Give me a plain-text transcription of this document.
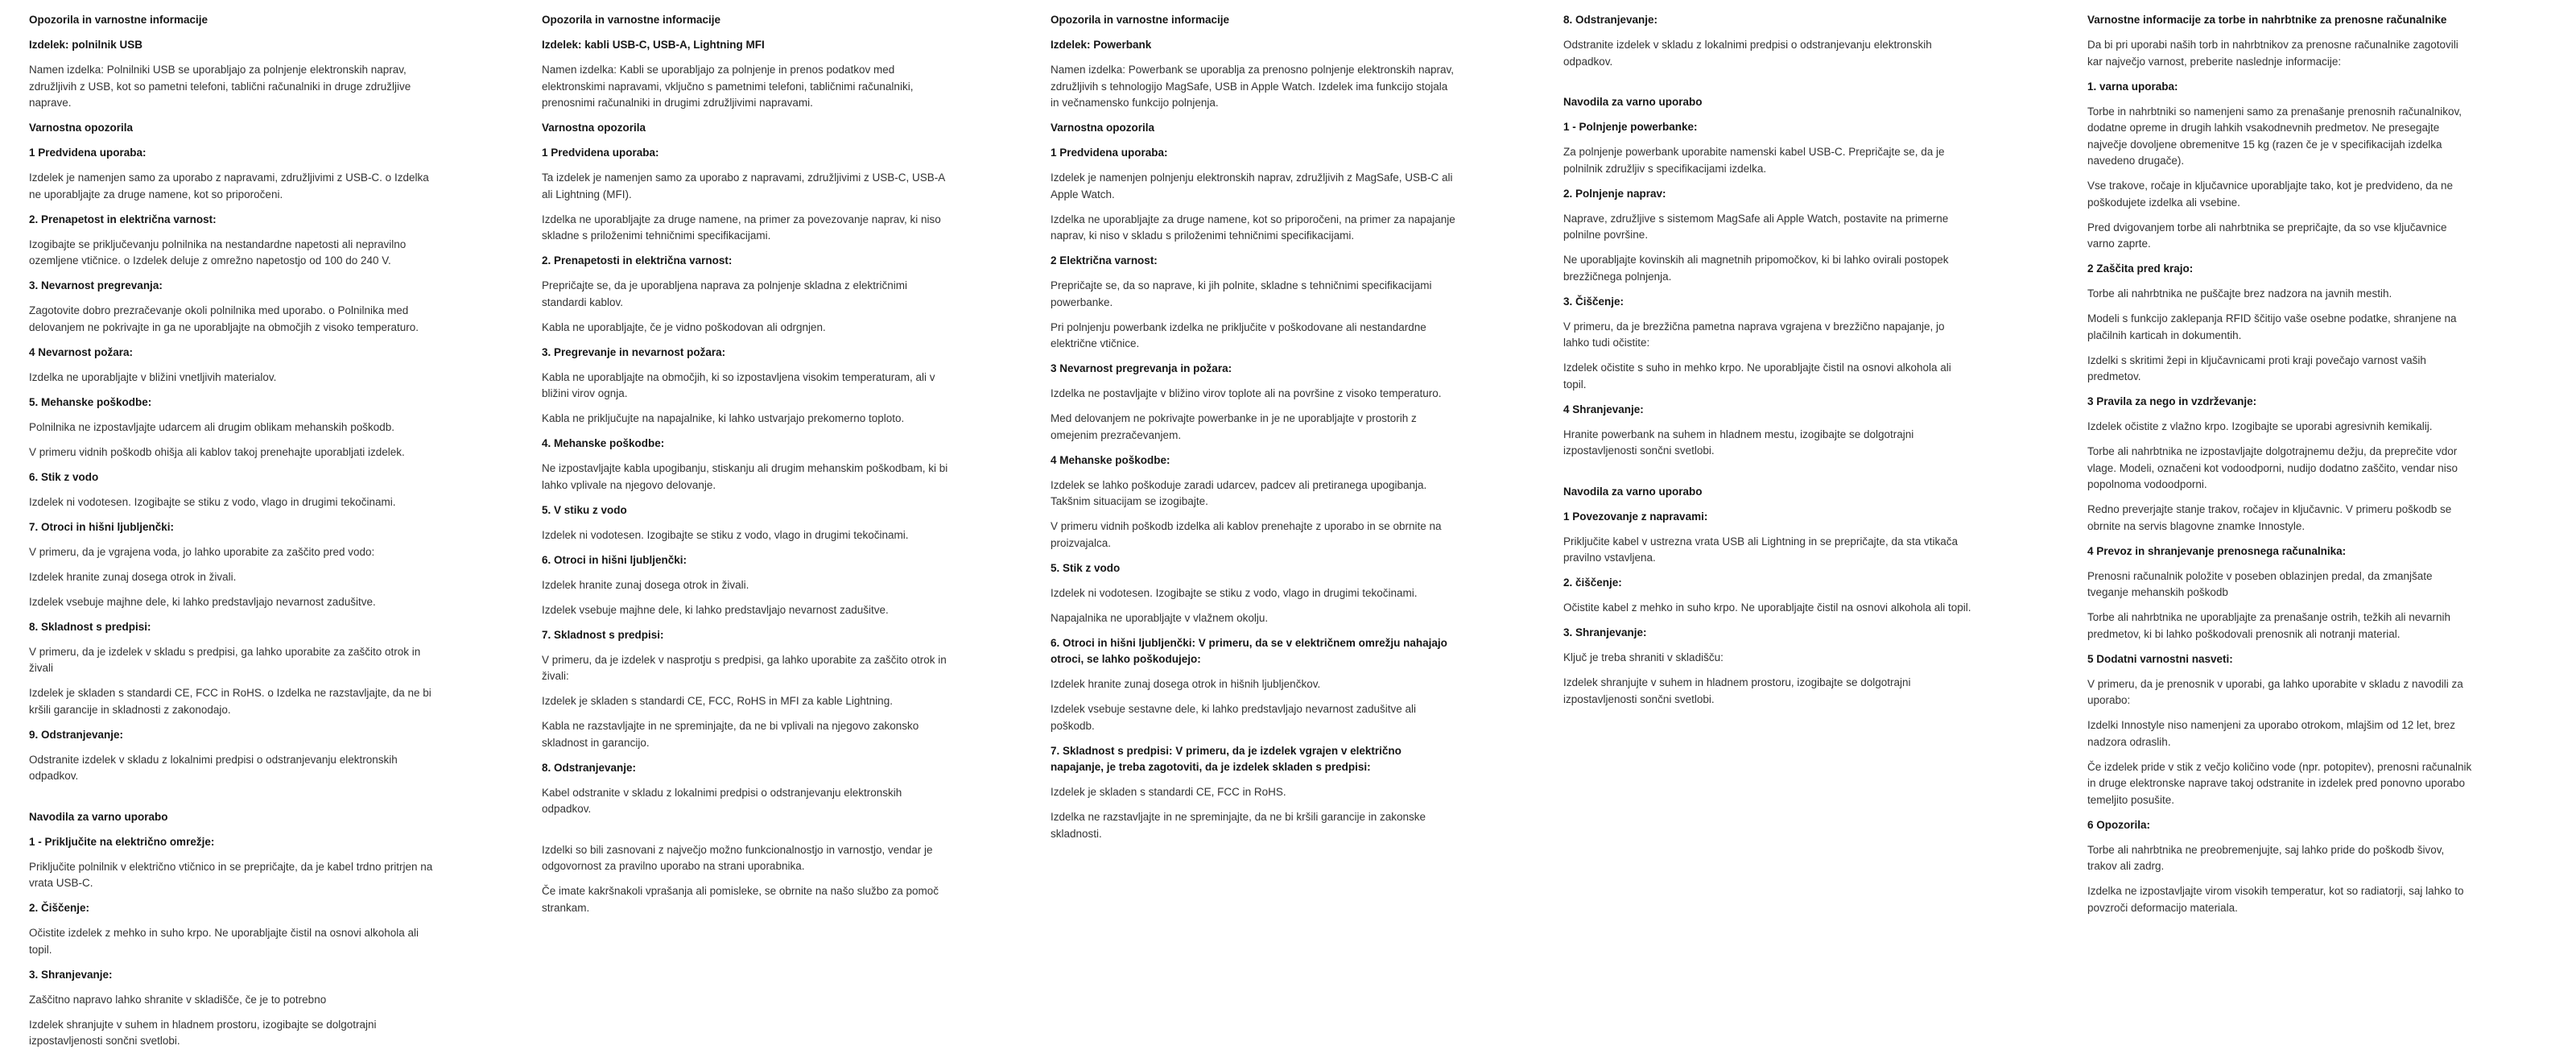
Opozorila in varnostne informacije
Izdelek: polnilnik USB
Namen izdelka: Polnilniki USB se uporabljajo za polnjenje elektronskih naprav, združljivih z USB, kot so pametni telefoni, tablični računalniki in druge združljive naprave.
Varnostna opozorila
1 Predvidena uporaba:
Izdelek je namenjen samo za uporabo z napravami, združljivimi z USB-C. o Izdelka ne uporabljajte za druge namene, kot so priporočeni.
2. Prenapetost in električna varnost:
Izogibajte se priključevanju polnilnika na nestandardne napetosti ali nepravilno ozemljene vtičnice. o Izdelek deluje z omrežno napetostjo od 100 do 240 V.
3. Nevarnost pregrevanja:
Zagotovite dobro prezračevanje okoli polnilnika med uporabo. o Polnilnika med delovanjem ne pokrivajte in ga ne uporabljajte na območjih z visoko temperaturo.
4 Nevarnost požara:
Izdelka ne uporabljajte v bližini vnetljivih materialov.
5. Mehanske poškodbe:
Polnilnika ne izpostavljajte udarcem ali drugim oblikam mehanskih poškodb.
V primeru vidnih poškodb ohišja ali kablov takoj prenehajte uporabljati izdelek.
6. Stik z vodo
Izdelek ni vodotesen. Izogibajte se stiku z vodo, vlago in drugimi tekočinami.
7. Otroci in hišni ljubljenčki:
V primeru, da je vgrajena voda, jo lahko uporabite za zaščito pred vodo:
Izdelek hranite zunaj dosega otrok in živali.
Izdelek vsebuje majhne dele, ki lahko predstavljajo nevarnost zadušitve.
8. Skladnost s predpisi:
V primeru, da je izdelek v skladu s predpisi, ga lahko uporabite za zaščito otrok in živali
Izdelek je skladen s standardi CE, FCC in RoHS. o Izdelka ne razstavljajte, da ne bi kršili garancije in skladnosti z zakonodajo.
9. Odstranjevanje:
Odstranite izdelek v skladu z lokalnimi predpisi o odstranjevanju elektronskih odpadkov.
Navodila za varno uporabo
1 - Priključite na električno omrežje:
Priključite polnilnik v električno vtičnico in se prepričajte, da je kabel trdno pritrjen na vrata USB-C.
2. Čiščenje:
Očistite izdelek z mehko in suho krpo. Ne uporabljajte čistil na osnovi alkohola ali topil.
3. Shranjevanje:
Zaščitno napravo lahko shranite v skladišče, če je to potrebno
Izdelek shranjujte v suhem in hladnem prostoru, izogibajte se dolgotrajni izpostavljenosti sončni svetlobi.
Opozorila in varnostne informacije
Izdelek: kabli USB-C, USB-A, Lightning MFI
Namen izdelka: Kabli se uporabljajo za polnjenje in prenos podatkov med elektronskimi napravami, vključno s pametnimi telefoni, tabličnimi računalniki, prenosnimi računalniki in drugimi združljivimi napravami.
Varnostna opozorila
1 Predvidena uporaba:
Ta izdelek je namenjen samo za uporabo z napravami, združljivimi z USB-C, USB-A ali Lightning (MFI).
Izdelka ne uporabljajte za druge namene, na primer za povezovanje naprav, ki niso skladne s priloženimi tehničnimi specifikacijami.
2. Prenapetosti in električna varnost:
Prepričajte se, da je uporabljena naprava za polnjenje skladna z električnimi standardi kablov.
Kabla ne uporabljajte, če je vidno poškodovan ali odrgnjen.
3. Pregrevanje in nevarnost požara:
Kabla ne uporabljajte na območjih, ki so izpostavljena visokim temperaturam, ali v bližini virov ognja.
Kabla ne priključujte na napajalnike, ki lahko ustvarjajo prekomerno toploto.
4. Mehanske poškodbe:
Ne izpostavljajte kabla upogibanju, stiskanju ali drugim mehanskim poškodbam, ki bi lahko vplivale na njegovo delovanje.
5. V stiku z vodo
Izdelek ni vodotesen. Izogibajte se stiku z vodo, vlago in drugimi tekočinami.
6. Otroci in hišni ljubljenčki:
Izdelek hranite zunaj dosega otrok in živali.
Izdelek vsebuje majhne dele, ki lahko predstavljajo nevarnost zadušitve.
7. Skladnost s predpisi:
V primeru, da je izdelek v nasprotju s predpisi, ga lahko uporabite za zaščito otrok in živali:
Izdelek je skladen s standardi CE, FCC, RoHS in MFI za kable Lightning.
Kabla ne razstavljajte in ne spreminjajte, da ne bi vplivali na njegovo zakonsko skladnost in garancijo.
8. Odstranjevanje:
Kabel odstranite v skladu z lokalnimi predpisi o odstranjevanju elektronskih odpadkov.
Izdelki so bili zasnovani z največjo možno funkcionalnostjo in varnostjo, vendar je odgovornost za pravilno uporabo na strani uporabnika.
Če imate kakršnakoli vprašanja ali pomisleke, se obrnite na našo službo za pomoč strankam.
Opozorila in varnostne informacije
Izdelek: Powerbank
Namen izdelka: Powerbank se uporablja za prenosno polnjenje elektronskih naprav, združljivih s tehnologijo MagSafe, USB in Apple Watch. Izdelek ima funkcijo stojala in večnamensko funkcijo polnjenja.
Varnostna opozorila
1 Predvidena uporaba:
Izdelek je namenjen polnjenju elektronskih naprav, združljivih z MagSafe, USB-C ali Apple Watch.
Izdelka ne uporabljajte za druge namene, kot so priporočeni, na primer za napajanje naprav, ki niso v skladu s priloženimi tehničnimi specifikacijami.
2 Električna varnost:
Prepričajte se, da so naprave, ki jih polnite, skladne s tehničnimi specifikacijami powerbanke.
Pri polnjenju powerbank izdelka ne priključite v poškodovane ali nestandardne električne vtičnice.
3 Nevarnost pregrevanja in požara:
Izdelka ne postavljajte v bližino virov toplote ali na površine z visoko temperaturo.
Med delovanjem ne pokrivajte powerbanke in je ne uporabljajte v prostorih z omejenim prezračevanjem.
4 Mehanske poškodbe:
Izdelek se lahko poškoduje zaradi udarcev, padcev ali pretiranega upogibanja. Takšnim situacijam se izogibajte.
V primeru vidnih poškodb izdelka ali kablov prenehajte z uporabo in se obrnite na proizvajalca.
5. Stik z vodo
Izdelek ni vodotesen. Izogibajte se stiku z vodo, vlago in drugimi tekočinami.
Napajalnika ne uporabljajte v vlažnem okolju.
6. Otroci in hišni ljubljenčki: V primeru, da se v električnem omrežju nahajajo otroci, se lahko poškodujejo:
Izdelek hranite zunaj dosega otrok in hišnih ljubljenčkov.
Izdelek vsebuje sestavne dele, ki lahko predstavljajo nevarnost zadušitve ali poškodb.
7. Skladnost s predpisi: V primeru, da je izdelek vgrajen v električno napajanje, je treba zagotoviti, da je izdelek skladen s predpisi:
Izdelek je skladen s standardi CE, FCC in RoHS.
Izdelka ne razstavljajte in ne spreminjajte, da ne bi kršili garancije in zakonske skladnosti.
8. Odstranjevanje:
Odstranite izdelek v skladu z lokalnimi predpisi o odstranjevanju elektronskih odpadkov.
Navodila za varno uporabo
1 - Polnjenje powerbanke:
Za polnjenje powerbank uporabite namenski kabel USB-C. Prepričajte se, da je polnilnik združljiv s specifikacijami izdelka.
2. Polnjenje naprav:
Naprave, združljive s sistemom MagSafe ali Apple Watch, postavite na primerne polnilne površine.
Ne uporabljajte kovinskih ali magnetnih pripomočkov, ki bi lahko ovirali postopek brezžičnega polnjenja.
3. Čiščenje:
V primeru, da je brezžična pametna naprava vgrajena v brezžično napajanje, jo lahko tudi očistite:
Izdelek očistite s suho in mehko krpo. Ne uporabljajte čistil na osnovi alkohola ali topil.
4 Shranjevanje:
Hranite powerbank na suhem in hladnem mestu, izogibajte se dolgotrajni izpostavljenosti sončni svetlobi.
Navodila za varno uporabo
1 Povezovanje z napravami:
Priključite kabel v ustrezna vrata USB ali Lightning in se prepričajte, da sta vtikača pravilno vstavljena.
2. čiščenje:
Očistite kabel z mehko in suho krpo. Ne uporabljajte čistil na osnovi alkohola ali topil.
3. Shranjevanje:
Ključ je treba shraniti v skladišču:
Izdelek shranjujte v suhem in hladnem prostoru, izogibajte se dolgotrajni izpostavljenosti sončni svetlobi.
Varnostne informacije za torbe in nahrbtnike za prenosne računalnike
Da bi pri uporabi naših torb in nahrbtnikov za prenosne računalnike zagotovili kar največjo varnost, preberite naslednje informacije:
1. varna uporaba:
Torbe in nahrbtniki so namenjeni samo za prenašanje prenosnih računalnikov, dodatne opreme in drugih lahkih vsakodnevnih predmetov. Ne presegajte največje dovoljene obremenitve 15 kg (razen če je v specifikacijah izdelka navedeno drugače).
Vse trakove, ročaje in ključavnice uporabljajte tako, kot je predvideno, da ne poškodujete izdelka ali vsebine.
Pred dvigovanjem torbe ali nahrbtnika se prepričajte, da so vse ključavnice varno zaprte.
2 Zaščita pred krajo:
Torbe ali nahrbtnika ne puščajte brez nadzora na javnih mestih.
Modeli s funkcijo zaklepanja RFID ščitijo vaše osebne podatke, shranjene na plačilnih karticah in dokumentih.
Izdelki s skritimi žepi in ključavnicami proti kraji povečajo varnost vaših predmetov.
3 Pravila za nego in vzdrževanje:
Izdelek očistite z vlažno krpo. Izogibajte se uporabi agresivnih kemikalij.
Torbe ali nahrbtnika ne izpostavljajte dolgotrajnemu dežju, da preprečite vdor vlage. Modeli, označeni kot vodoodporni, nudijo dodatno zaščito, vendar niso popolnoma vodoodporni.
Redno preverjajte stanje trakov, ročajev in ključavnic. V primeru poškodb se obrnite na servis blagovne znamke Innostyle.
4 Prevoz in shranjevanje prenosnega računalnika:
Prenosni računalnik položite v poseben oblazinjen predal, da zmanjšate tveganje mehanskih poškodb
Torbe ali nahrbtnika ne uporabljajte za prenašanje ostrih, težkih ali nevarnih predmetov, ki bi lahko poškodovali prenosnik ali notranji material.
5 Dodatni varnostni nasveti:
V primeru, da je prenosnik v uporabi, ga lahko uporabite v skladu z navodili za uporabo:
Izdelki Innostyle niso namenjeni za uporabo otrokom, mlajšim od 12 let, brez nadzora odraslih.
Če izdelek pride v stik z večjo količino vode (npr. potopitev), prenosni računalnik in druge elektronske naprave takoj odstranite in izdelek pred ponovno uporabo temeljito posušite.
6 Opozorila:
Torbe ali nahrbtnika ne preobremenjujte, saj lahko pride do poškodb šivov, trakov ali zadrg.
Izdelka ne izpostavljajte virom visokih temperatur, kot so radiatorji, saj lahko to povzroči deformacijo materiala.
